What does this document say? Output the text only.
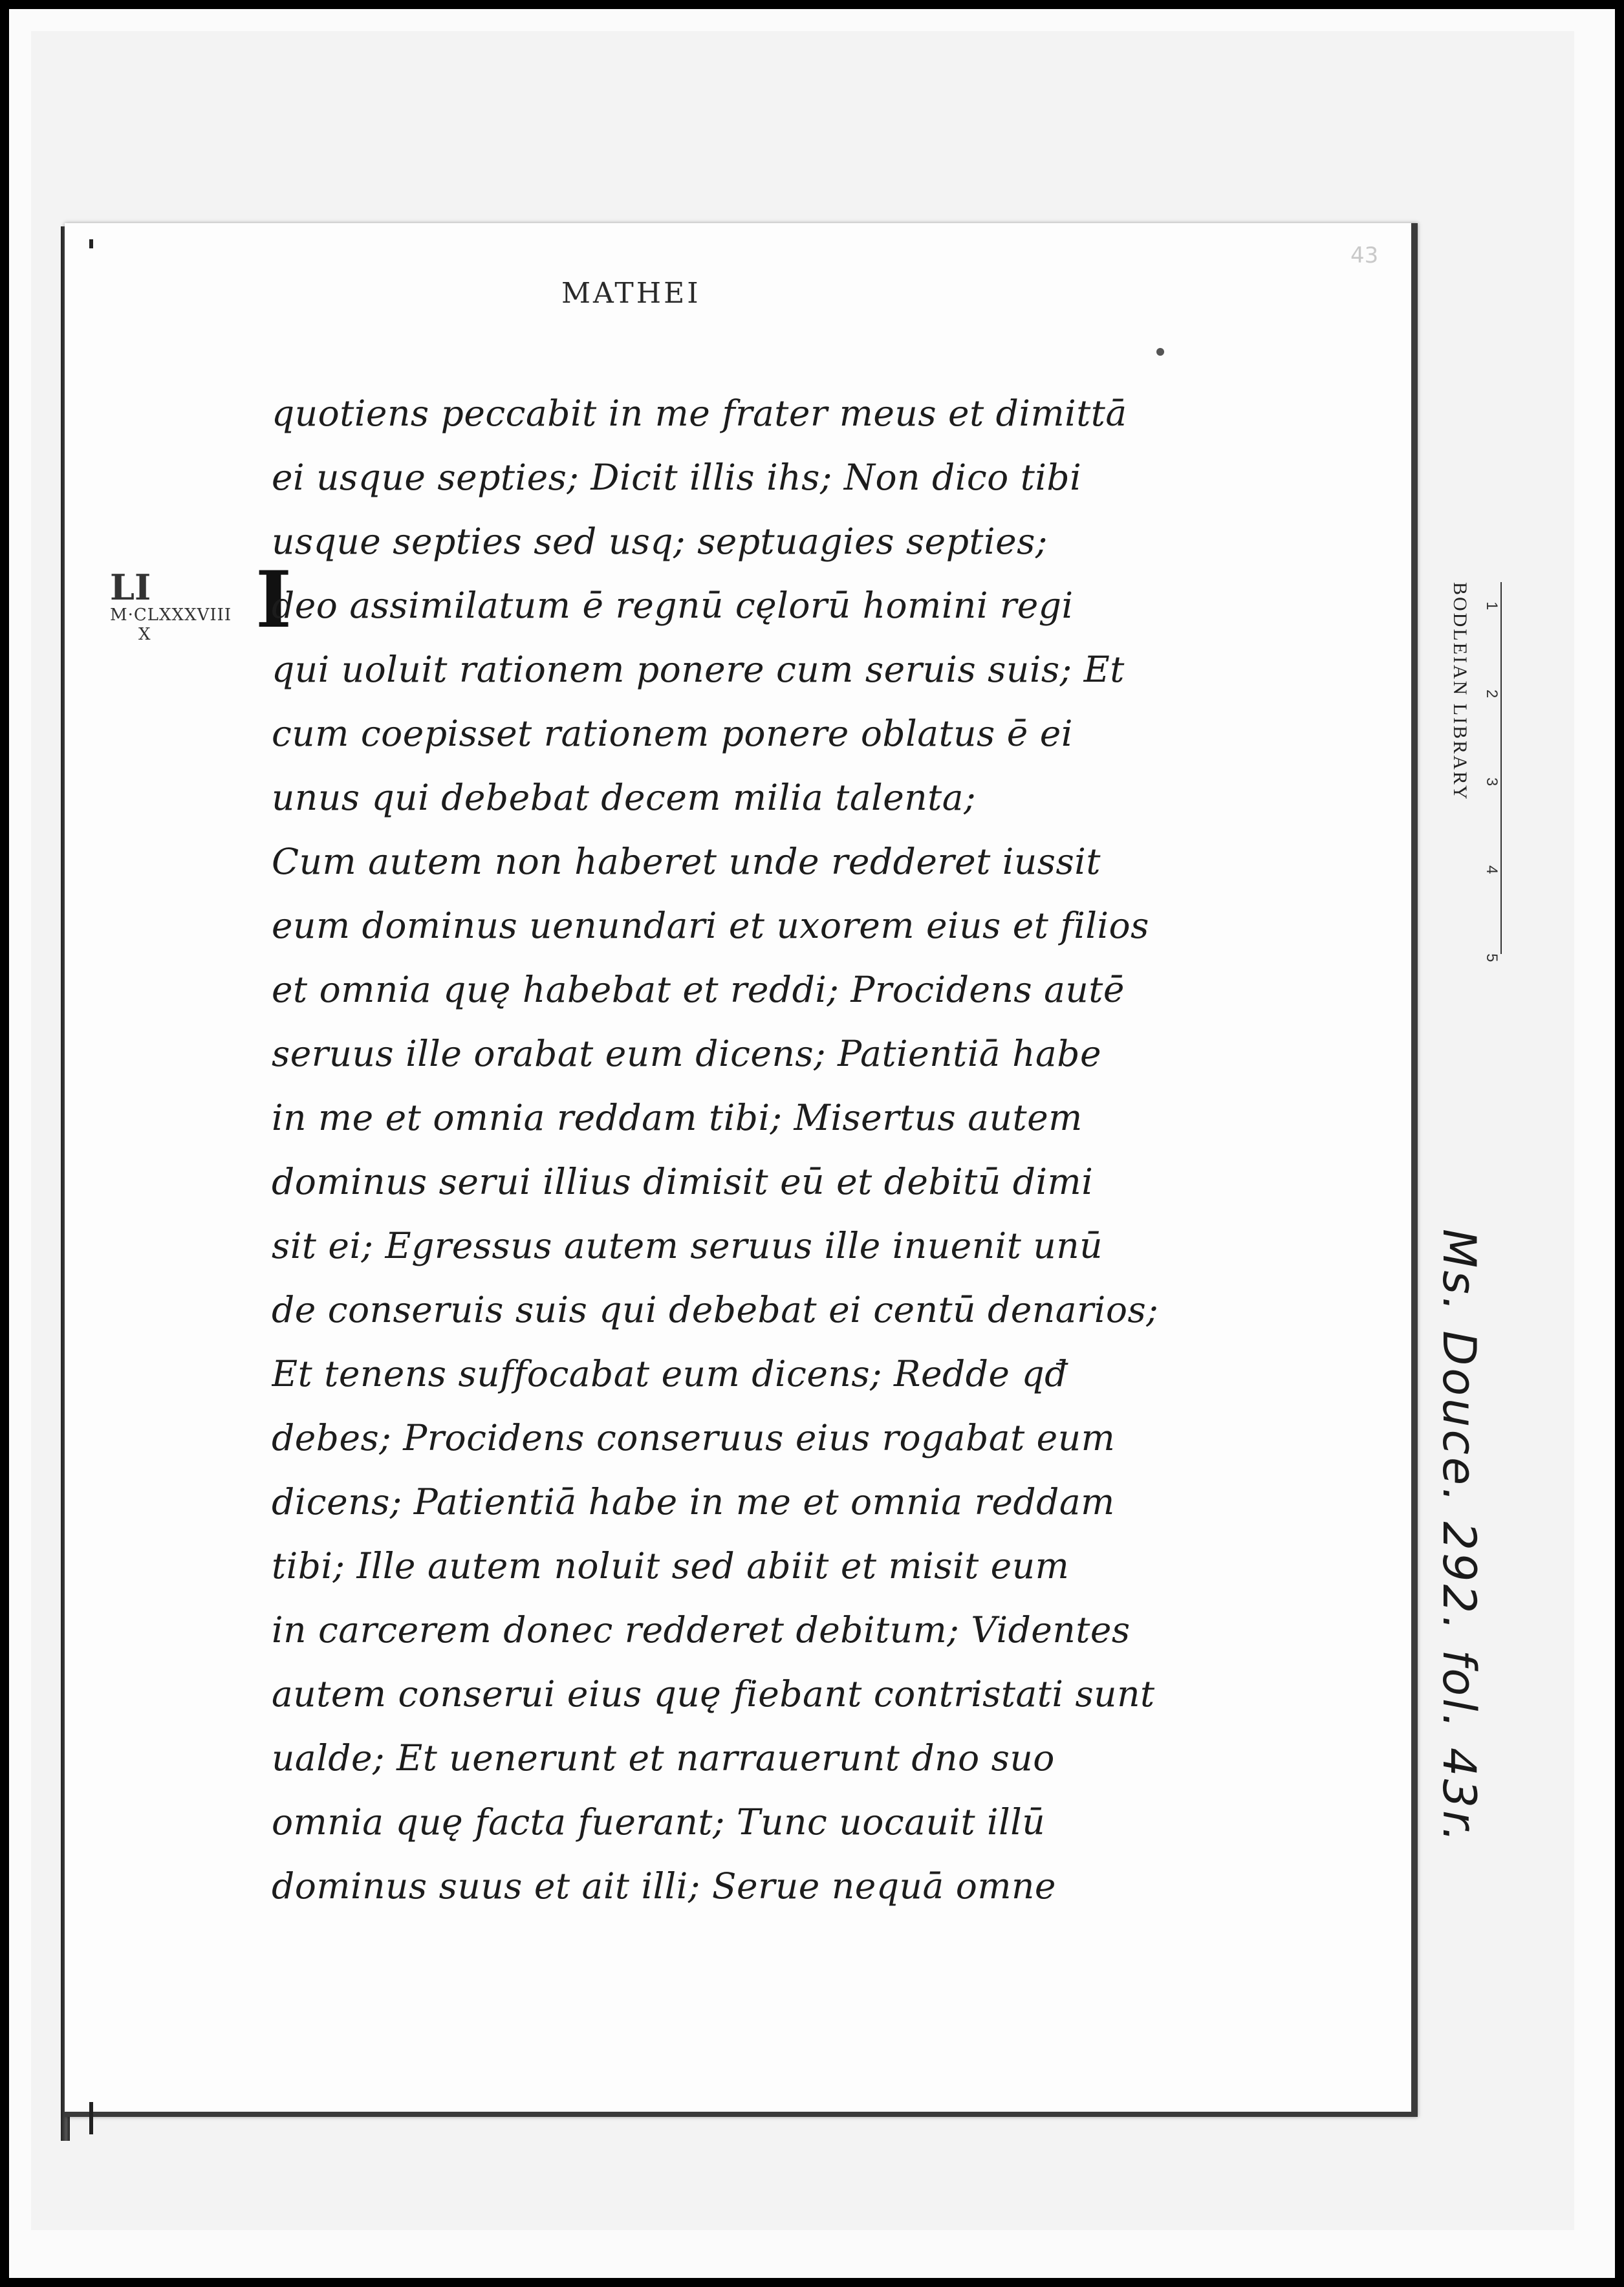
43
MATHEI
LI
M·CLXXXVIII
X	I
quotiens peccabit in me frater meus et dimittā
ei usque septies; Dicit illis ihs; Non dico tibi
usque septies sed usq; septuagies septies;
deo assimilatum ē regnū cęlorū homini regi
qui uoluit rationem ponere cum seruis suis; Et
cum coepisset rationem ponere oblatus ē ei
unus qui debebat decem milia talenta;
Cum autem non haberet unde redderet iussit
eum dominus uenundari et uxorem eius et filios
et omnia quę habebat et reddi; Procidens autē
seruus ille orabat eum dicens; Patientiā habe
in me et omnia reddam tibi; Misertus autem
dominus serui illius dimisit eū et debitū dimi
sit ei; Egressus autem seruus ille inuenit unū
de conseruis suis qui debebat ei centū denarios;
Et tenens suffocabat eum dicens; Redde qđ
debes; Procidens conseruus eius rogabat eum
dicens; Patientiā habe in me et omnia reddam
tibi; Ille autem noluit sed abiit et misit eum
in carcerem donec redderet debitum; Videntes
autem conserui eius quę fiebant contristati sunt
ualde; Et uenerunt et narrauerunt dno suo
omnia quę facta fuerant; Tunc uocauit illū
dominus suus et ait illi; Serue nequā omne
BODLEIAN LIBRARY 1 2 3 4 5
Ms. Douce. 292. fol. 43r.
